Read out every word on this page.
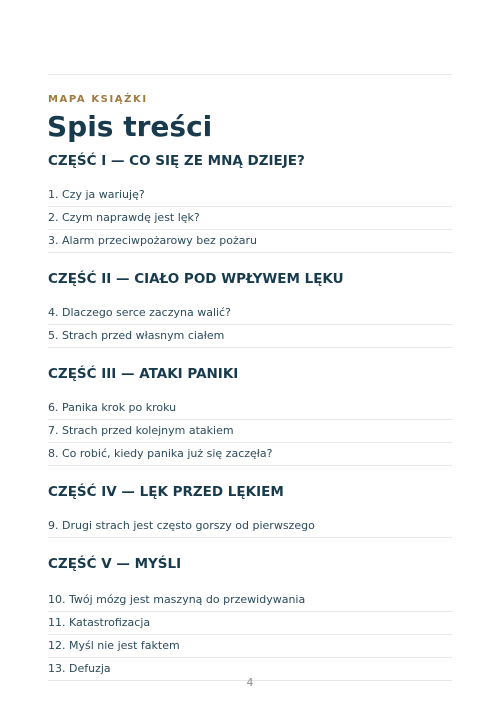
MAPA KSIĄŻKI
Spis treści
CZĘŚĆ I — CO SIĘ ZE MNĄ DZIEJE?
1. Czy ja wariuję?
2. Czym naprawdę jest lęk?
3. Alarm przeciwpożarowy bez pożaru
CZĘŚĆ II — CIAŁO POD WPŁYWEM LĘKU
4. Dlaczego serce zaczyna walić?
5. Strach przed własnym ciałem
CZĘŚĆ III — ATAKI PANIKI
6. Panika krok po kroku
7. Strach przed kolejnym atakiem
8. Co robić, kiedy panika już się zaczęła?
CZĘŚĆ IV — LĘK PRZED LĘKIEM
9. Drugi strach jest często gorszy od pierwszego
CZĘŚĆ V — MYŚLI
10. Twój mózg jest maszyną do przewidywania
11. Katastrofizacja
12. Myśl nie jest faktem
13. Defuzja
4
